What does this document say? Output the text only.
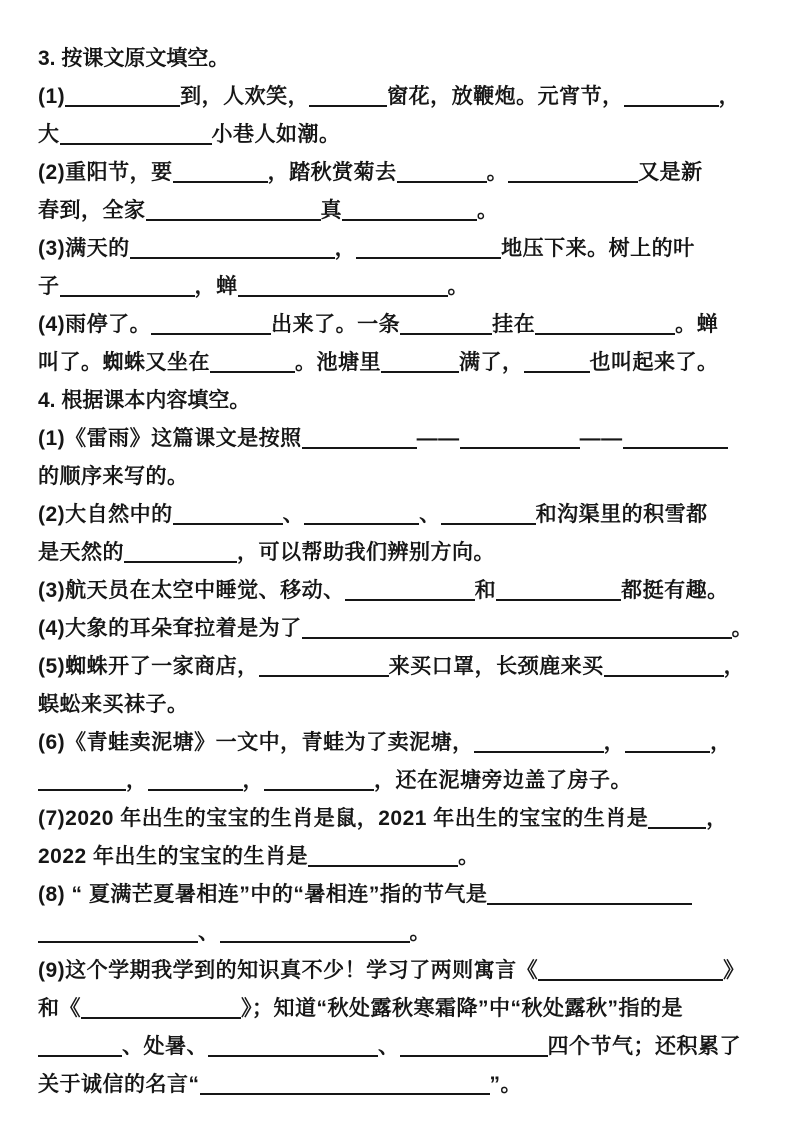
3. 按课文原文填空。
(1)	到，人欢笑，	窗花，放鞭炮。元宵节，	，
大	小巷人如潮。
(2)重阳节，要	，踏秋赏菊去	。	又是新
春到，全家	真	。
(3)满天的	，	地压下来。树上的叶
子	，蝉	。
(4)雨停了。	出来了。一条	挂在	。蝉
叫了。蜘蛛又坐在	。池塘里	满了，	也叫起来了。
4. 根据课本内容填空。
(1)《雷雨》这篇课文是按照	——	——
的顺序来写的。
(2)大自然中的	、	、	和沟渠里的积雪都
是天然的	，可以帮助我们辨别方向。
(3)航天员在太空中睡觉、移动、	和	都挺有趣。
(4)大象的耳朵耷拉着是为了	。
(5)蜘蛛开了一家商店，	来买口罩，长颈鹿来买	，
蜈蚣来买袜子。
(6)《青蛙卖泥塘》一文中，青蛙为了卖泥塘，	，	，
，	，	，还在泥塘旁边盖了房子。
(7)2020 年出生的宝宝的生肖是鼠，2021 年出生的宝宝的生肖是	，
2022 年出生的宝宝的生肖是	。
(8) “ 夏满芒夏暑相连”中的“暑相连”指的节气是
、	。
(9)这个学期我学到的知识真不少！学习了两则寓言《	》
和《	》；知道“秋处露秋寒霜降”中“秋处露秋”指的是
、处暑、	、	四个节气；还积累了
关于诚信的名言“	”。
